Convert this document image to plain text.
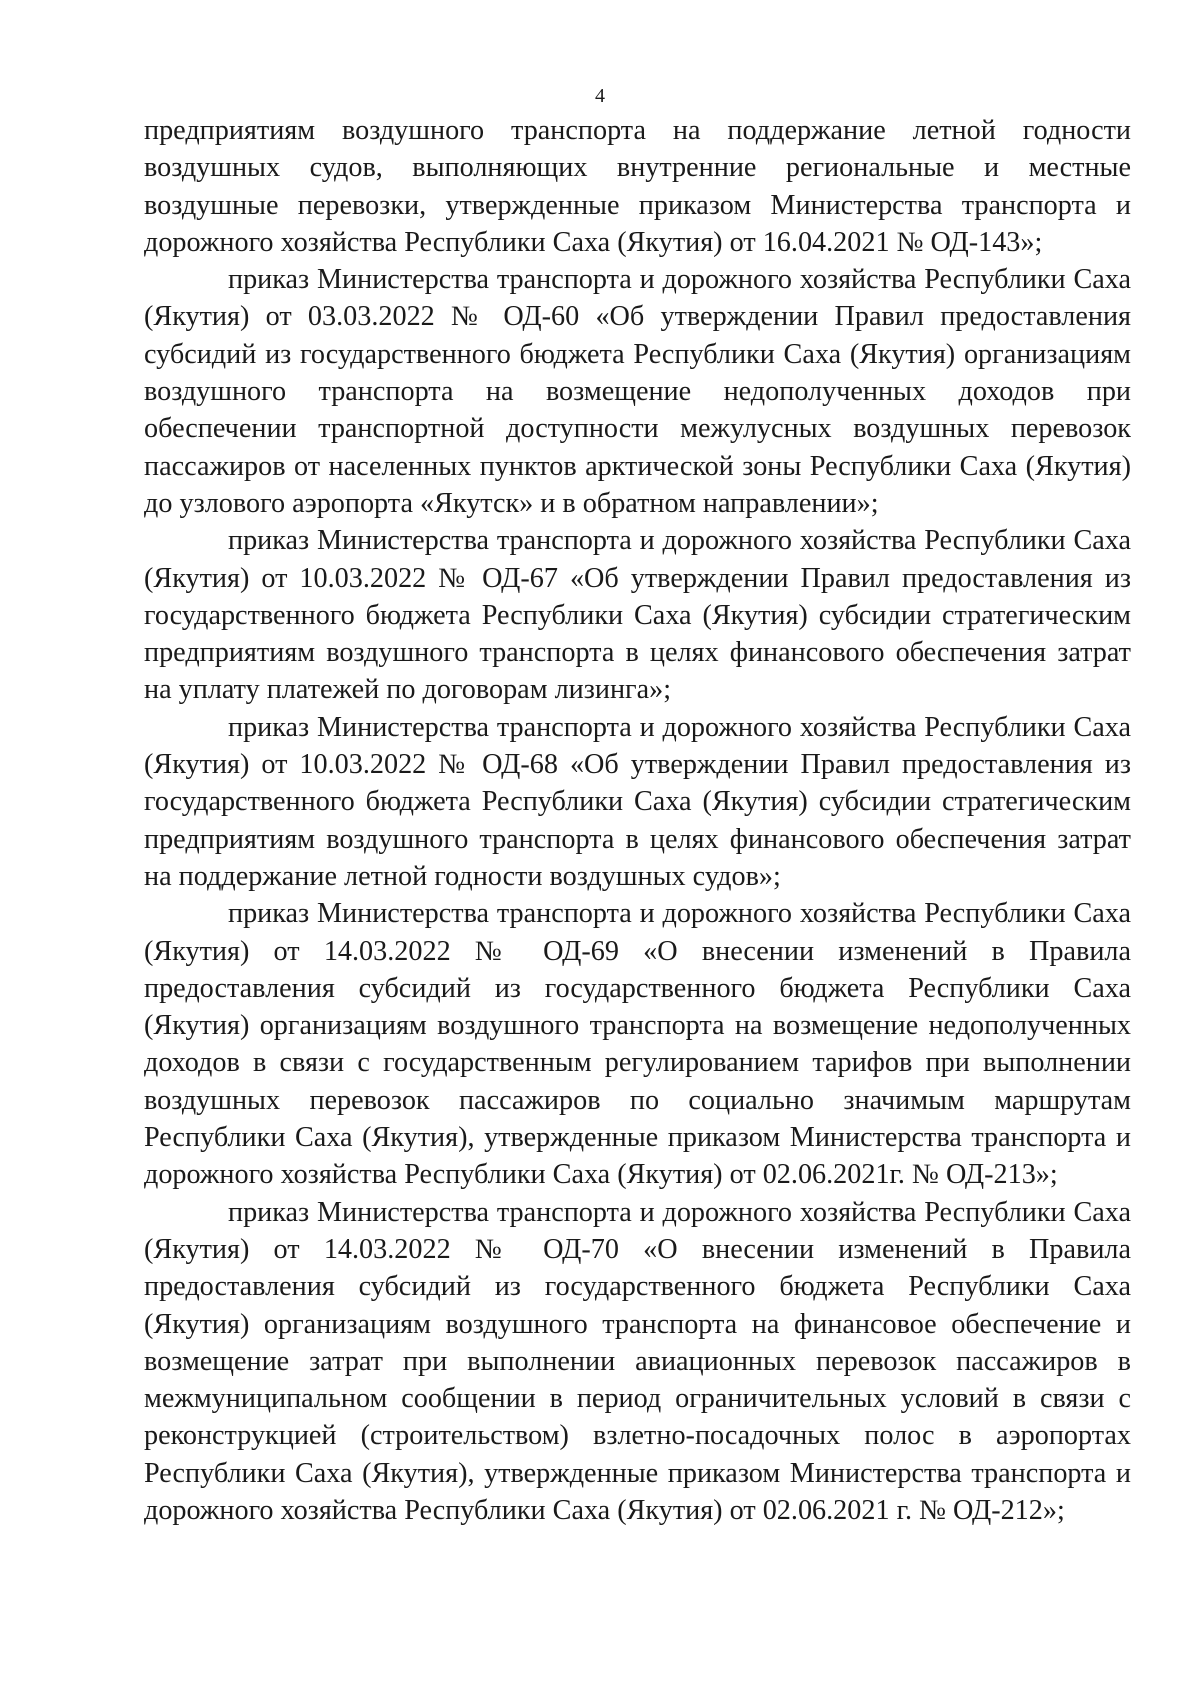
4

предприятиям воздушного транспорта на поддержание летной годности воздушных судов, выполняющих внутренние региональные и местные воздушные перевозки, утвержденные приказом Министерства транспорта и дорожного хозяйства Республики Саха (Якутия) от 16.04.2021 № ОД-143»;

приказ Министерства транспорта и дорожного хозяйства Республики Саха (Якутия) от 03.03.2022 № ОД-60 «Об утверждении Правил предоставления субсидий из государственного бюджета Республики Саха (Якутия) организациям воздушного транспорта на возмещение недополученных доходов при обеспечении транспортной доступности межулусных воздушных перевозок пассажиров от населенных пунктов арктической зоны Республики Саха (Якутия) до узлового аэропорта «Якутск» и в обратном направлении»;

приказ Министерства транспорта и дорожного хозяйства Республики Саха (Якутия) от 10.03.2022 № ОД-67 «Об утверждении Правил предоставления из государственного бюджета Республики Саха (Якутия) субсидии стратегическим предприятиям воздушного транспорта в целях финансового обеспечения затрат на уплату платежей по договорам лизинга»;

приказ Министерства транспорта и дорожного хозяйства Республики Саха (Якутия) от 10.03.2022 № ОД-68 «Об утверждении Правил предоставления из государственного бюджета Республики Саха (Якутия) субсидии стратегическим предприятиям воздушного транспорта в целях финансового обеспечения затрат на поддержание летной годности воздушных судов»;

приказ Министерства транспорта и дорожного хозяйства Республики Саха (Якутия) от 14.03.2022 № ОД-69 «О внесении изменений в Правила предоставления субсидий из государственного бюджета Республики Саха (Якутия) организациям воздушного транспорта на возмещение недополученных доходов в связи с государственным регулированием тарифов при выполнении воздушных перевозок пассажиров по социально значимым маршрутам Республики Саха (Якутия), утвержденные приказом Министерства транспорта и дорожного хозяйства Республики Саха (Якутия) от 02.06.2021г. № ОД-213»;

приказ Министерства транспорта и дорожного хозяйства Республики Саха (Якутия) от 14.03.2022 № ОД-70 «О внесении изменений в Правила предоставления субсидий из государственного бюджета Республики Саха (Якутия) организациям воздушного транспорта на финансовое обеспечение и возмещение затрат при выполнении авиационных перевозок пассажиров в межмуниципальном сообщении в период ограничительных условий в связи с реконструкцией (строительством) взлетно-посадочных полос в аэропортах Республики Саха (Якутия), утвержденные приказом Министерства транспорта и дорожного хозяйства Республики Саха (Якутия) от 02.06.2021 г. № ОД-212»;
